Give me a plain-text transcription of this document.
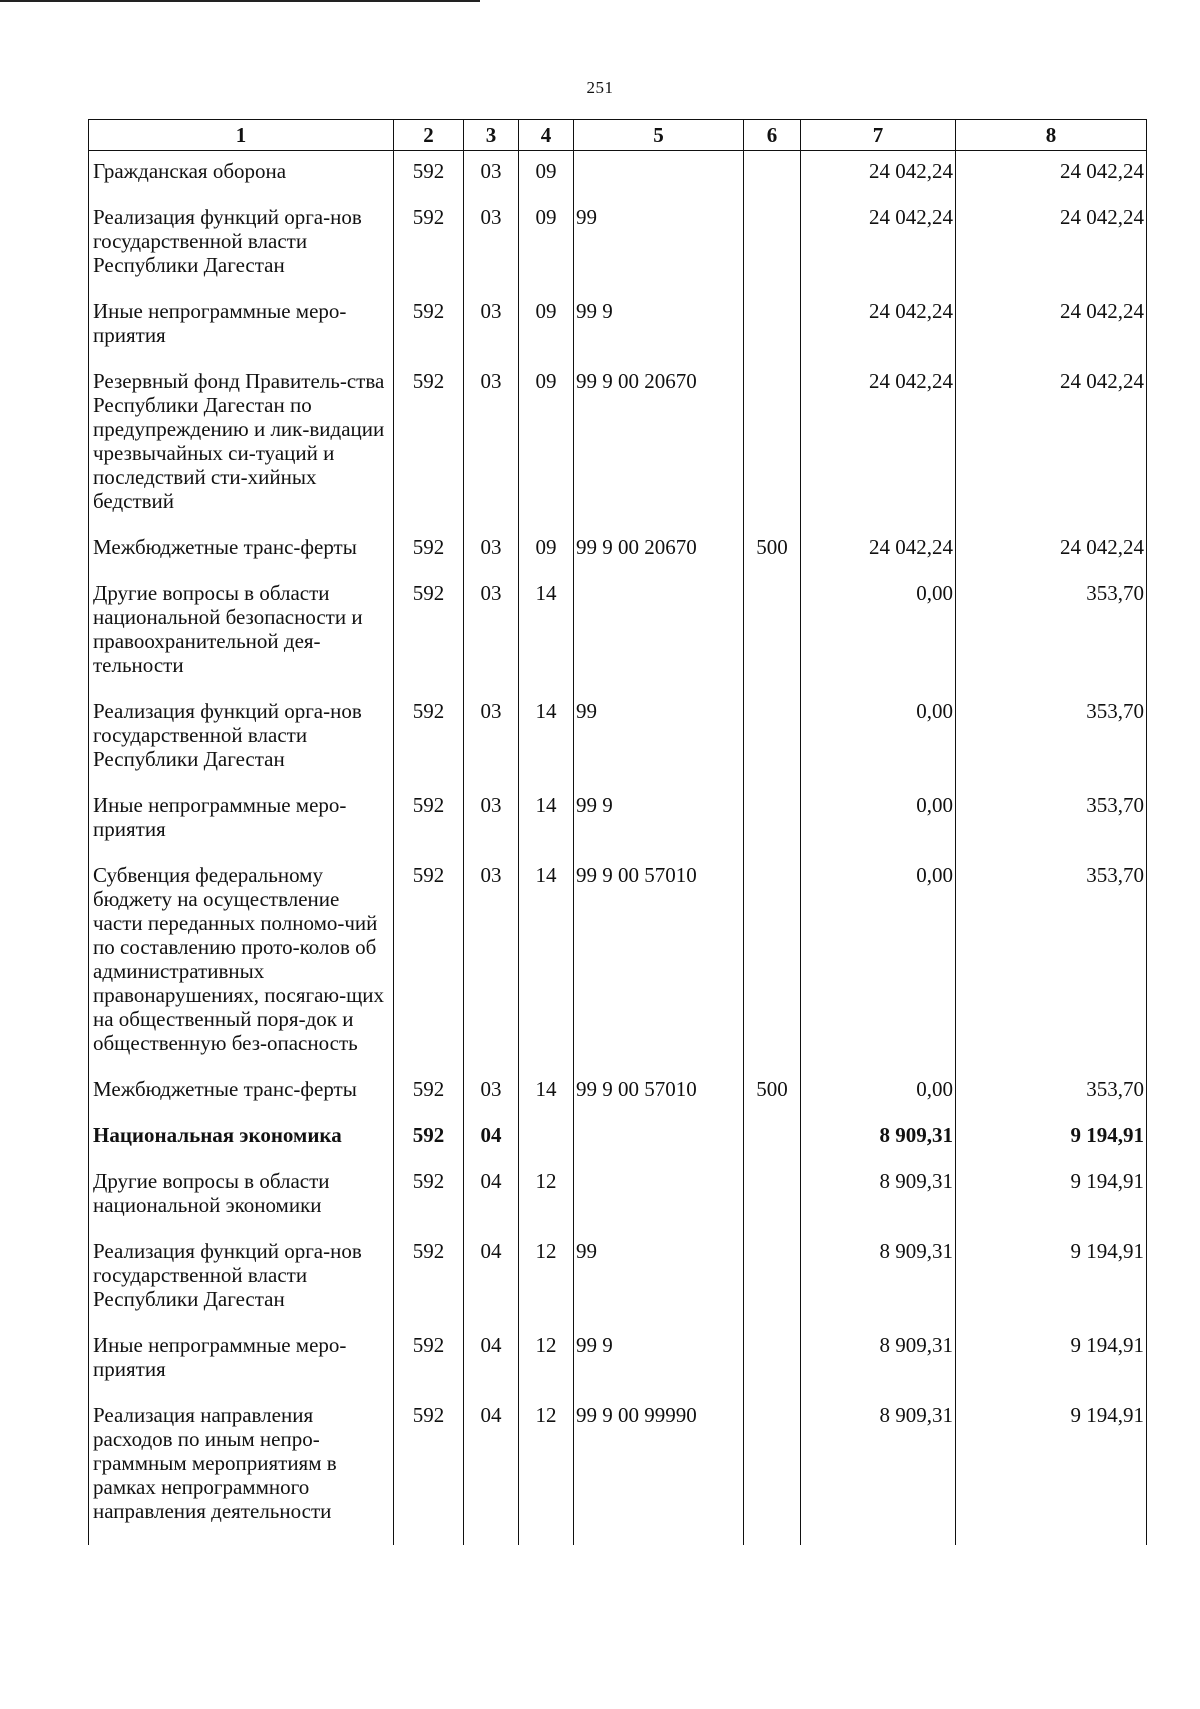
251
1	2	3	4	5	6	7	8
Гражданская оборона	592	03	09			24 042,24	24 042,24
Реализация функций орга-нов государственной власти Республики Дагестан	592	03	09	99		24 042,24	24 042,24
Иные непрограммные меро-приятия	592	03	09	99 9		24 042,24	24 042,24
Резервный фонд Правитель-ства Республики Дагестан по предупреждению и лик-видации чрезвычайных си-туаций и последствий сти-хийных бедствий	592	03	09	99 9 00 20670		24 042,24	24 042,24
Межбюджетные транс-ферты	592	03	09	99 9 00 20670	500	24 042,24	24 042,24
Другие вопросы в области национальной безопасности и правоохранительной дея-тельности	592	03	14			0,00	353,70
Реализация функций орга-нов государственной власти Республики Дагестан	592	03	14	99		0,00	353,70
Иные непрограммные меро-приятия	592	03	14	99 9		0,00	353,70
Субвенция федеральному бюджету на осуществление части переданных полномо-чий по составлению прото-колов об административных правонарушениях, посягаю-щих на общественный поря-док и общественную без-опасность	592	03	14	99 9 00 57010		0,00	353,70
Межбюджетные транс-ферты	592	03	14	99 9 00 57010	500	0,00	353,70
Национальная экономика	592	04				8 909,31	9 194,91
Другие вопросы в области национальной экономики	592	04	12			8 909,31	9 194,91
Реализация функций орга-нов государственной власти Республики Дагестан	592	04	12	99		8 909,31	9 194,91
Иные непрограммные меро-приятия	592	04	12	99 9		8 909,31	9 194,91
Реализация направления расходов по иным непро-граммным мероприятиям в рамках непрограммного направления деятельности	592	04	12	99 9 00 99990		8 909,31	9 194,91
